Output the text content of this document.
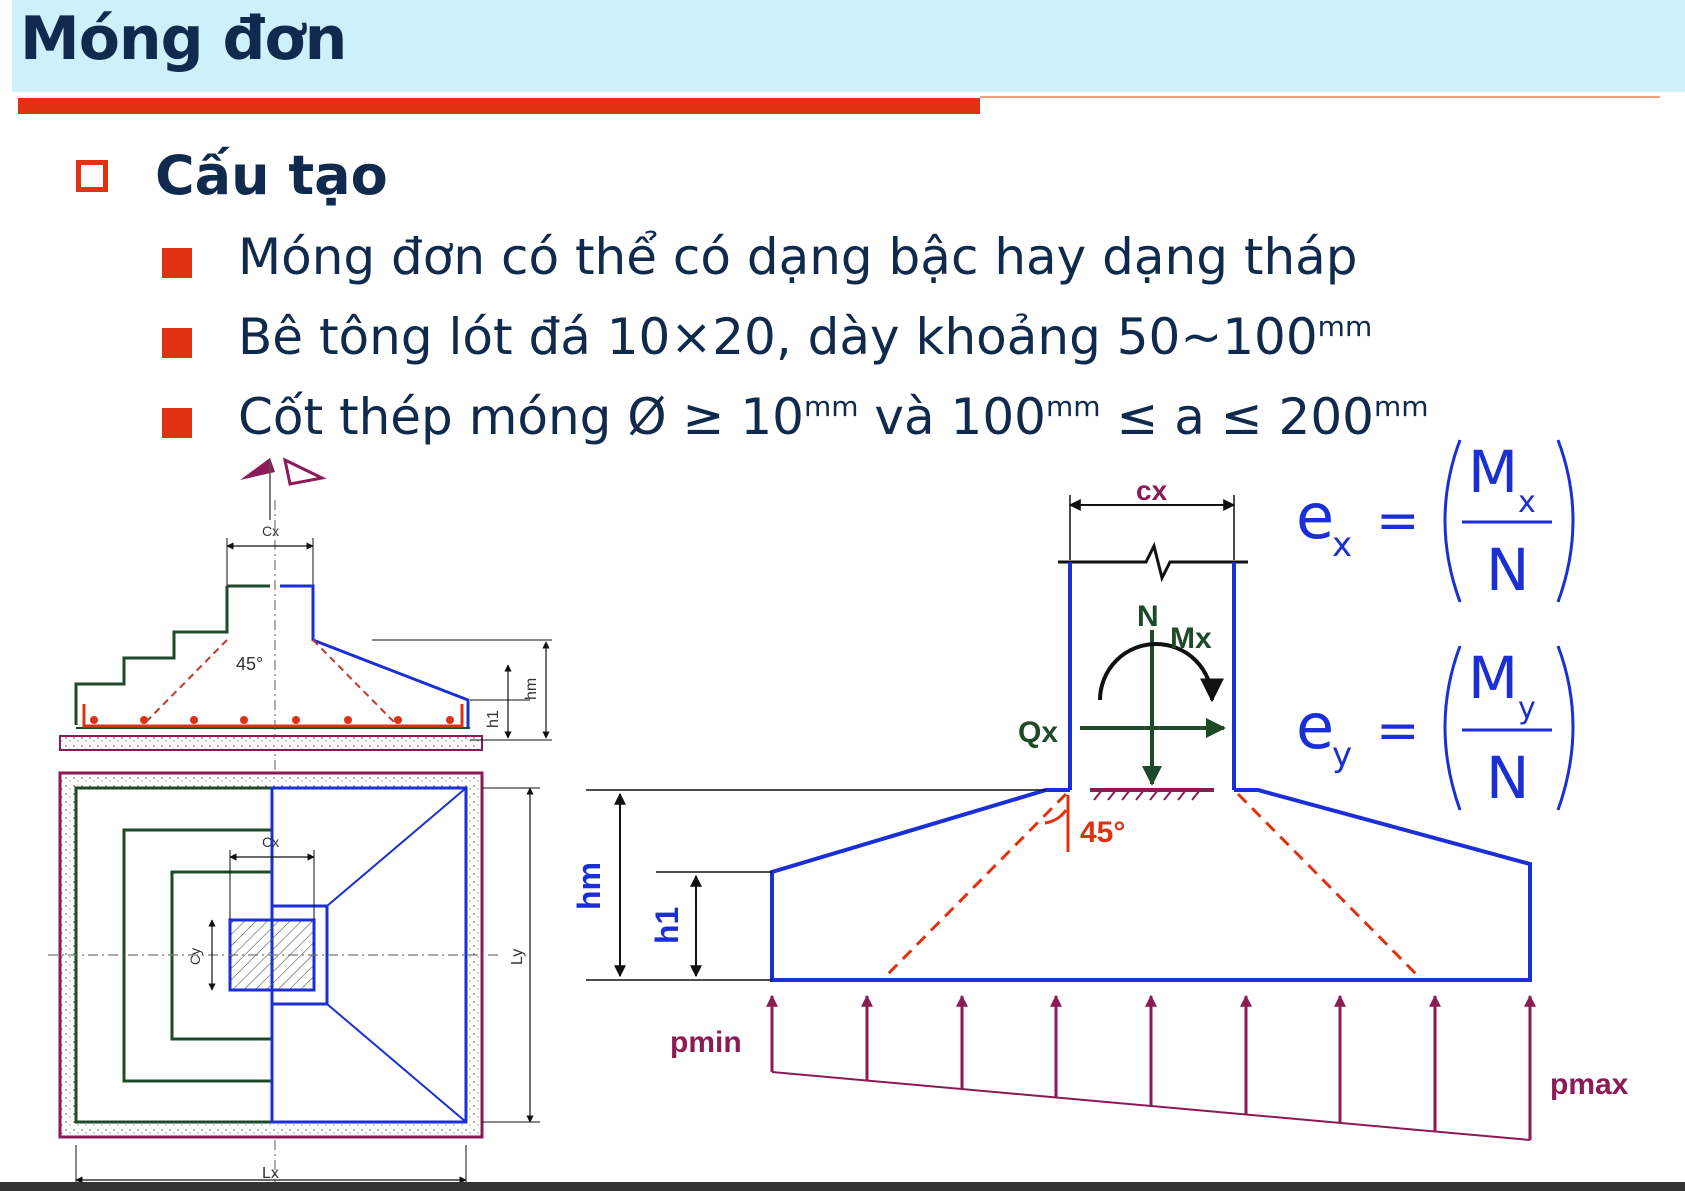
Móng đơn
Cấu tạo
Móng đơn có thể có dạng bậc hay dạng tháp
Bê tông lót đá 10×20, dày khoảng $50\sim 100^{mm}$
Cốt thép móng Ø ≥ $10^{mm}$ và $100^{mm} \le a \le 200^{mm}$
Cx
45°
h1
hm
Cx
Cy	Ly
Lx
cx
N
Mx
Qx
45°
hm
h1
pmin
pmax
e
x =
M x
N
e
y =
M y
N
